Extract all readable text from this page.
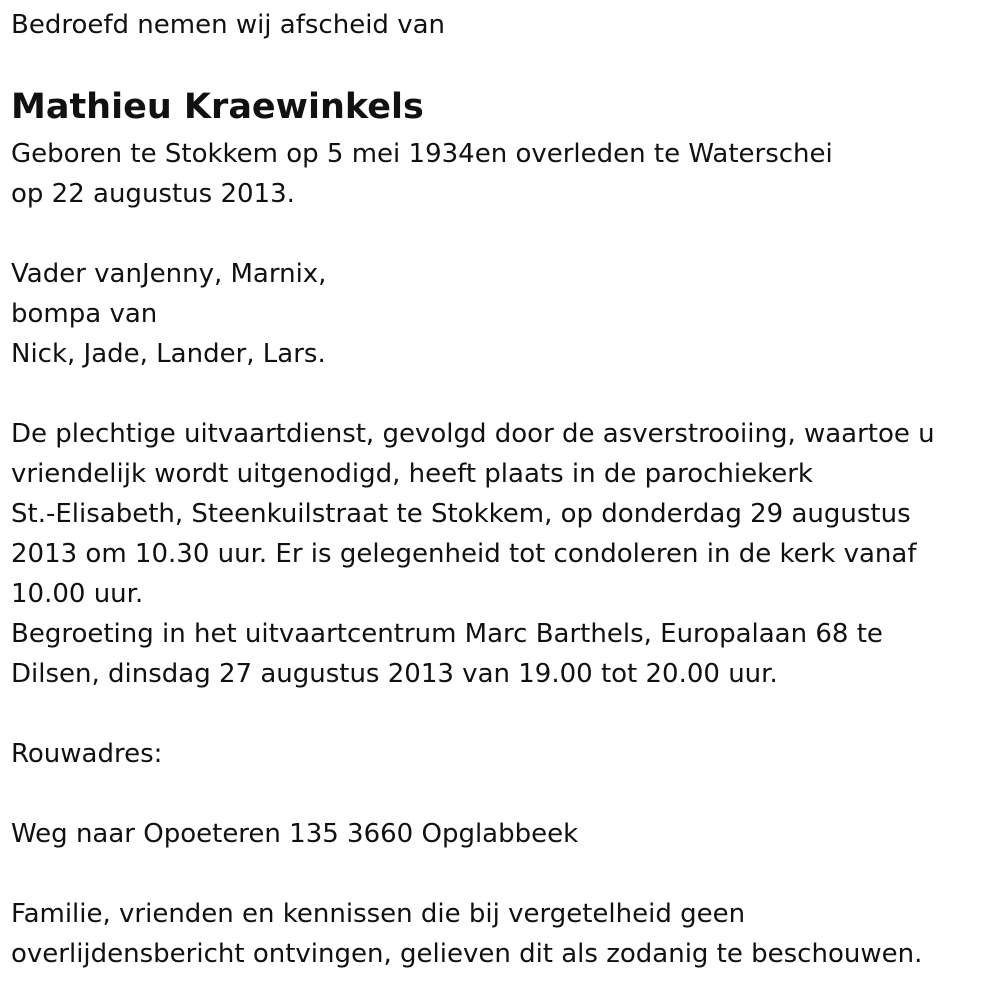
Bedroefd nemen wij afscheid van

Mathieu Kraewinkels

Geboren te Stokkem op 5 mei 1934en overleden te Waterschei

op 22 augustus 2013.

Vader vanJenny, Marnix,

bompa van

Nick, Jade, Lander, Lars.

De plechtige uitvaartdienst, gevolgd door de asverstrooiing, waartoe u

vriendelijk wordt uitgenodigd, heeft plaats in de parochiekerk

St.-Elisabeth, Steenkuilstraat te Stokkem, op donderdag 29 augustus

2013 om 10.30 uur. Er is gelegenheid tot condoleren in de kerk vanaf

10.00 uur.

Begroeting in het uitvaartcentrum Marc Barthels, Europalaan 68 te

Dilsen, dinsdag 27 augustus 2013 van 19.00 tot 20.00 uur.

Rouwadres:

Weg naar Opoeteren 135 3660 Opglabbeek

Familie, vrienden en kennissen die bij vergetelheid geen

overlijdensbericht ontvingen, gelieven dit als zodanig te beschouwen.
